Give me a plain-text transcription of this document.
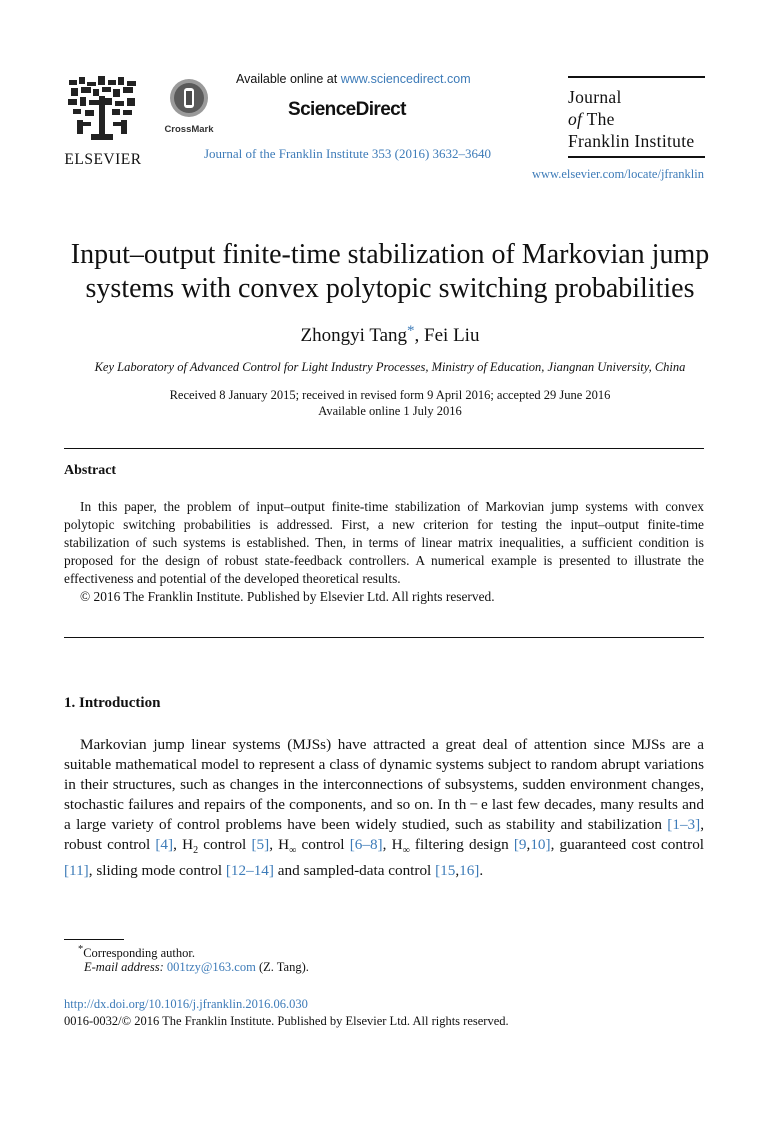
ELSEVIER
CrossMark
Available online at www.sciencedirect.com
ScienceDirect
Journal of the Franklin Institute 353 (2016) 3632–3640
Journal
of The
Franklin Institute
www.elsevier.com/locate/jfranklin
Input–output finite-time stabilization of Markovian jump
systems with convex polytopic switching probabilities
Zhongyi Tang*, Fei Liu
Key Laboratory of Advanced Control for Light Industry Processes, Ministry of Education, Jiangnan University, China
Received 8 January 2015; received in revised form 9 April 2016; accepted 29 June 2016
Available online 1 July 2016
Abstract

In this paper, the problem of input–output finite-time stabilization of Markovian jump systems with convex polytopic switching probabilities is addressed. First, a new criterion for testing the input–output finite-time stabilization of such systems is established. Then, in terms of linear matrix inequalities, a sufficient condition is proposed for the design of robust state-feedback controllers. A numerical example is presented to illustrate the effectiveness and potential of the developed theoretical results.

© 2016 The Franklin Institute. Published by Elsevier Ltd. All rights reserved.

1. Introduction

Markovian jump linear systems (MJSs) have attracted a great deal of attention since MJSs are a suitable mathematical model to represent a class of dynamic systems subject to random abrupt variations in their structures, such as changes in the interconnections of subsystems, sudden environment changes, stochastic failures and repairs of the components, and so on. In th − e last few decades, many results and a large variety of control problems have been widely studied, such as stability and stabilization [1–3], robust control [4], $H_2$ control [5], $H_\infty$ control [6–8], $H_\infty$ filtering design [9,10], guaranteed cost control [11], sliding mode control [12–14] and sampled-data control [15,16].

*Corresponding author.
E-mail address: 001tzy@163.com (Z. Tang).
http://dx.doi.org/10.1016/j.jfranklin.2016.06.030
0016-0032/© 2016 The Franklin Institute. Published by Elsevier Ltd. All rights reserved.
